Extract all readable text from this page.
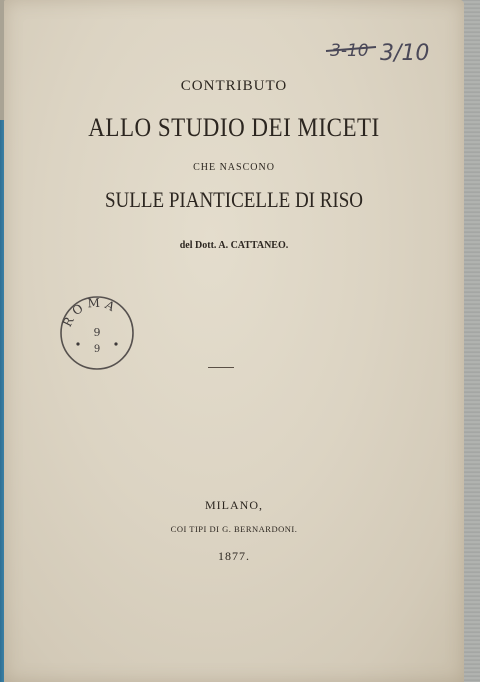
3-10 3/10
CONTRIBUTO
ALLO STUDIO DEI MICETI
CHE NASCONO
SULLE PIANTICELLE DI RISO
del Dott. A. CATTANEO.
ROMA
9
9
MILANO,
COI TIPI DI G. BERNARDONI.
1877.
